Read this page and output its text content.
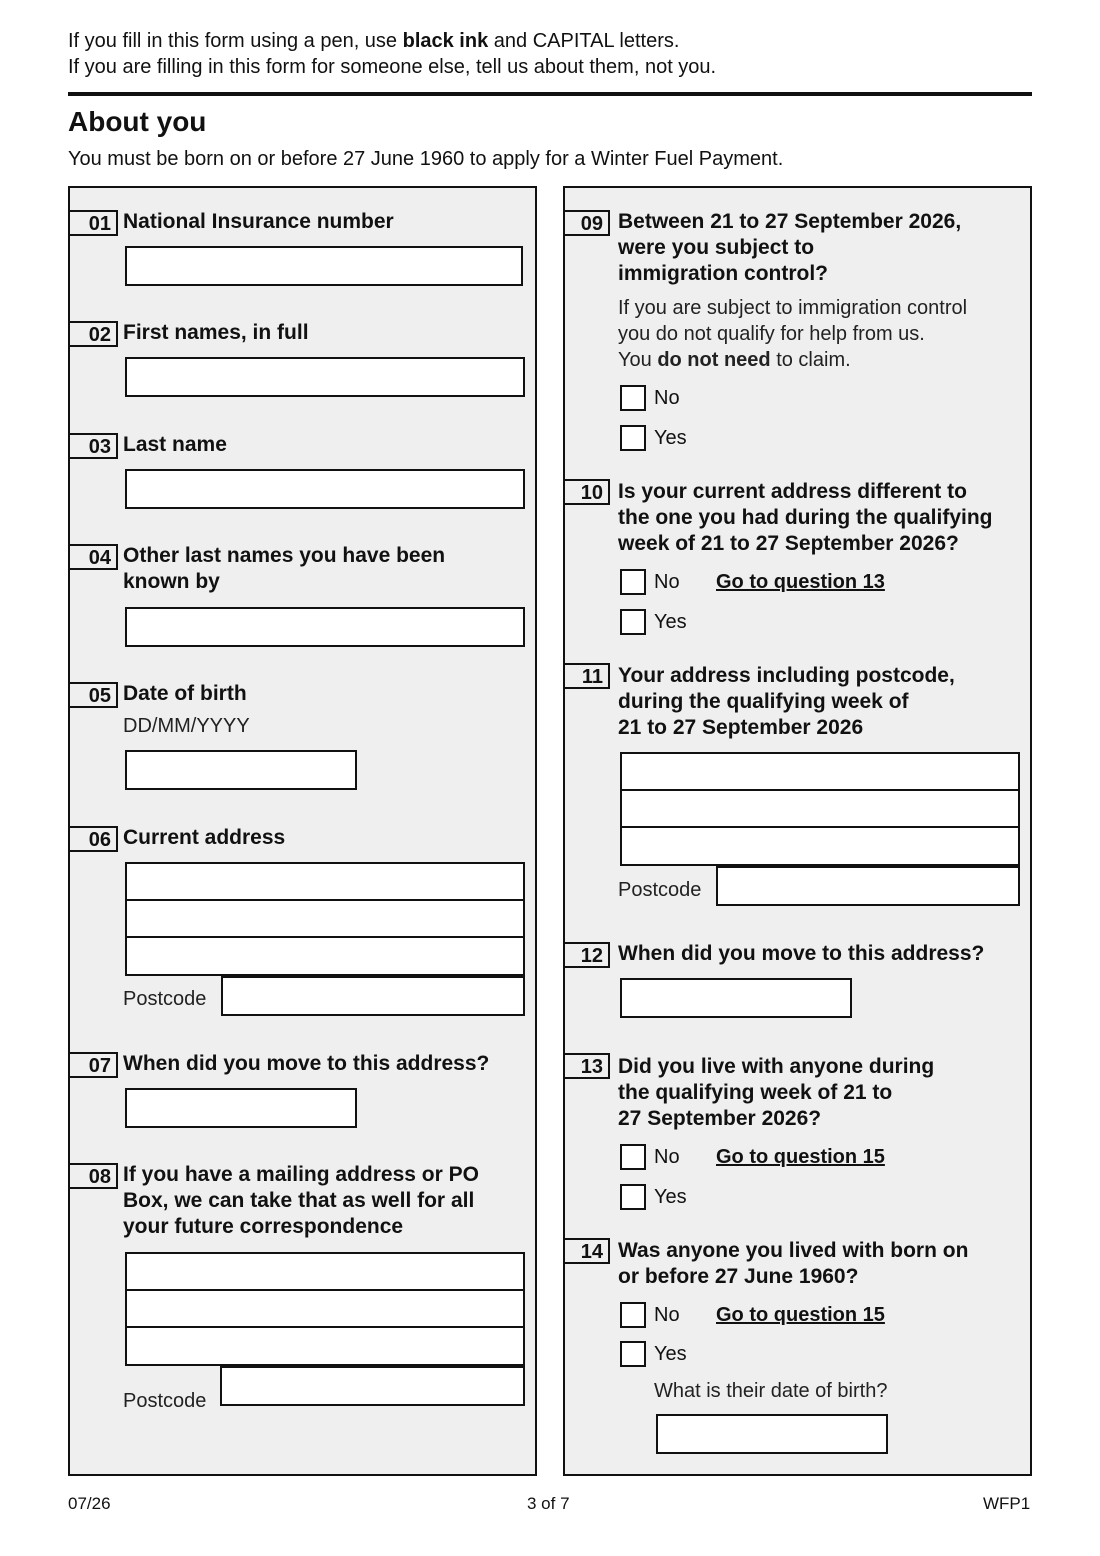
If you fill in this form using a pen, use black ink and CAPITAL letters.
If you are filling in this form for someone else, tell us about them, not you.
About you
You must be born on or before 27 June 1960 to apply for a Winter Fuel Payment.
01 National Insurance number
02 First names, in full
03 Last name
04 Other last names you have been
known by
05 Date of birth
DD/MM/YYYY
06 Current address
Postcode
07 When did you move to this address?
08 If you have a mailing address or PO
Box, we can take that as well for all
your future correspondence
Postcode
09 Between 21 to 27 September 2026,
were you subject to
immigration control?
If you are subject to immigration control
you do not qualify for help from us.
You do not need to claim.
No
Yes
10 Is your current address different to
the one you had during the qualifying
week of 21 to 27 September 2026?
No Go to question 13
Yes
11 Your address including postcode,
during the qualifying week of
21 to 27 September 2026
Postcode
12 When did you move to this address?
13 Did you live with anyone during
the qualifying week of 21 to
27 September 2026?
No Go to question 15
Yes
14 Was anyone you lived with born on
or before 27 June 1960?
No Go to question 15
Yes
What is their date of birth?
07/26	3 of 7	WFP1
